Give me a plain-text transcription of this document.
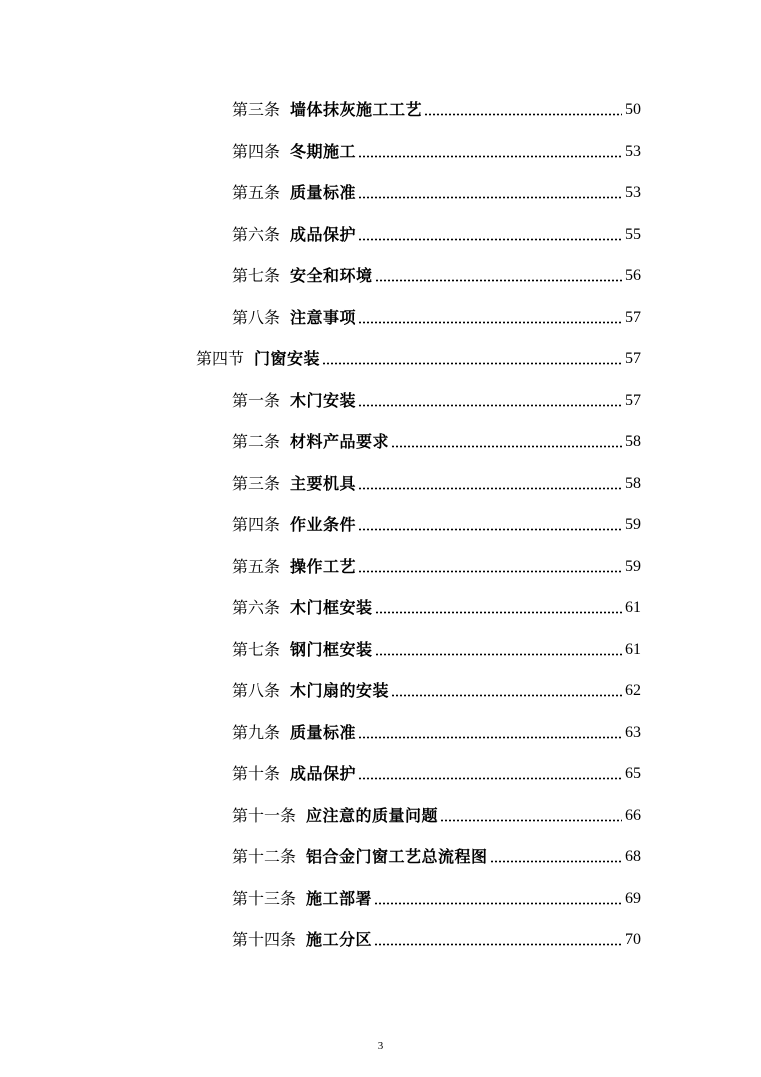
第三条 墙体抹灰施工工艺	50
第四条 冬期施工	53
第五条 质量标准	53
第六条 成品保护	55
第七条 安全和环境	56
第八条 注意事项	57
第四节 门窗安装	57
第一条 木门安装	57
第二条 材料产品要求	58
第三条 主要机具	58
第四条 作业条件	59
第五条 操作工艺	59
第六条 木门框安装	61
第七条 钢门框安装	61
第八条 木门扇的安装	62
第九条 质量标准	63
第十条 成品保护	65
第十一条 应注意的质量问题	66
第十二条 铝合金门窗工艺总流程图	68
第十三条 施工部署	69
第十四条 施工分区	70
3
